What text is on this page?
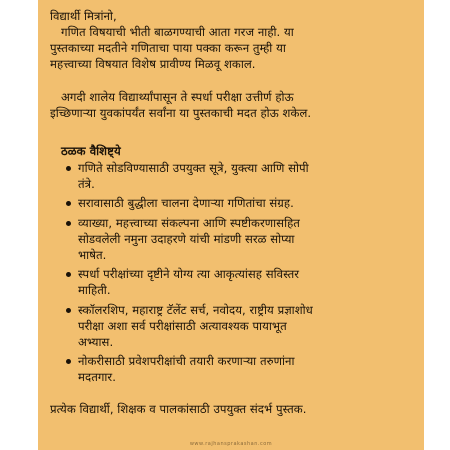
विद्यार्थी मित्रांनो,
गणित विषयाची भीती बाळगण्याची आता गरज नाही. या
पुस्तकाच्या मदतीने गणिताचा पाया पक्का करून तुम्ही या
महत्त्वाच्या विषयात विशेष प्रावीण्य मिळवू शकाल.
अगदी शालेय विद्यार्थ्यांपासून ते स्पर्धा परीक्षा उत्तीर्ण होऊ
इच्छिणाऱ्या युवकांपर्यंत सर्वांना या पुस्तकाची मदत होऊ शकेल.
ठळक वैशिष्ट्ये
गणिते सोडविण्यासाठी उपयुक्त सूत्रे, युक्त्या आणि सोपी
तंत्रे.
सरावासाठी बुद्धीला चालना देणाऱ्या गणितांचा संग्रह.
व्याख्या, महत्त्वाच्या संकल्पना आणि स्पष्टीकरणासहित
सोडवलेली नमुना उदाहरणे यांची मांडणी सरळ सोप्या
भाषेत.
स्पर्धा परीक्षांच्या दृष्टीने योग्य त्या आकृत्यांसह सविस्तर
माहिती.
स्कॉलरशिप, महाराष्ट्र टॅलेंट सर्च, नवोदय, राष्ट्रीय प्रज्ञाशोध
परीक्षा अशा सर्व परीक्षांसाठी अत्यावश्यक पायाभूत
अभ्यास.
नोकरीसाठी प्रवेशपरीक्षांची तयारी करणाऱ्या तरुणांना
मदतगार.
प्रत्येक विद्यार्थी, शिक्षक व पालकांसाठी उपयुक्त संदर्भ पुस्तक.
www.rajhansprakashan.com
